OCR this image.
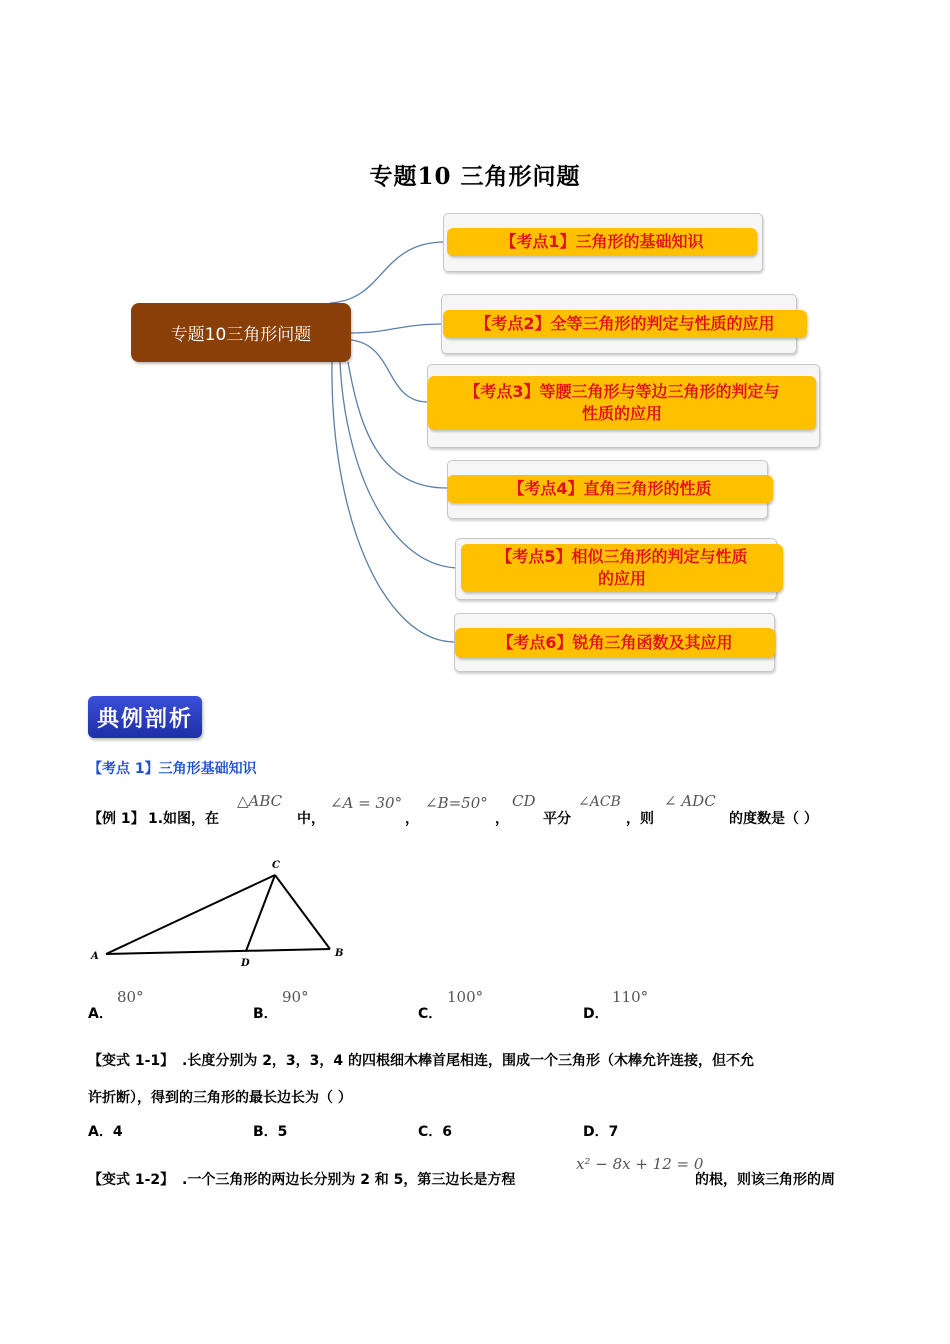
专题10 三角形问题
专题10三角形问题
【考点1】三角形的基础知识
【考点2】全等三角形的判定与性质的应用
【考点3】等腰三角形与等边三角形的判定与
性质的应用
【考点4】直角三角形的性质
【考点5】相似三角形的判定与性质
的应用
【考点6】锐角三角函数及其应用
典例剖析
【考点 1】三角形基础知识
【例 1】 1.如图，在
△ABC
中，
∠A = 30°
，
∠B=50°
，
CD
平分
∠ACB
，则
∠ ADC
的度数是（ ）
A	B
C
D
A．
80°
B．
90°
C．
100°
D．
110°
【变式 1-1】 .长度分别为 2，3，3，4 的四根细木棒首尾相连，围成一个三角形（木棒允许连接，但不允
许折断），得到的三角形的最长边长为（ ）
A．4	B．5	C．6	D．7
【变式 1-2】 .一个三角形的两边长分别为 2 和 5，第三边长是方程
x² − 8x + 12 = 0
的根，则该三角形的周
